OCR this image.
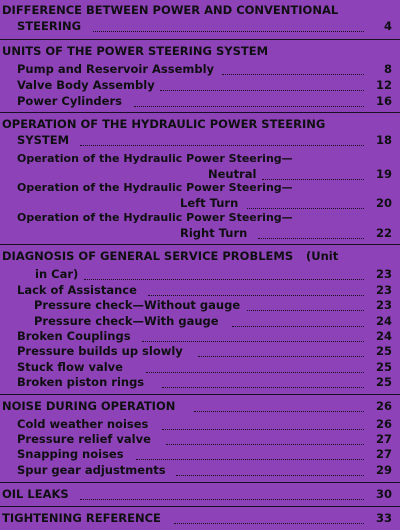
DIFFERENCE BETWEEN POWER AND CONVENTIONAL
STEERING	4
UNITS OF THE POWER STEERING SYSTEM
Pump and Reservoir Assembly	8
Valve Body Assembly	12
Power Cylinders	16
OPERATION OF THE HYDRAULIC POWER STEERING
SYSTEM	18
Operation of the Hydraulic Power Steering—
Neutral	19
Operation of the Hydraulic Power Steering—
Left Turn	20
Operation of the Hydraulic Power Steering—
Right Turn	22
DIAGNOSIS OF GENERAL SERVICE PROBLEMS (Unit
in Car)	23
Lack of Assistance	23
Pressure check—Without gauge	23
Pressure check—With gauge	24
Broken Couplings	24
Pressure builds up slowly	25
Stuck flow valve	25
Broken piston rings	25
NOISE DURING OPERATION	26
Cold weather noises	26
Pressure relief valve	27
Snapping noises	27
Spur gear adjustments	29
OIL LEAKS	30
TIGHTENING REFERENCE	33
